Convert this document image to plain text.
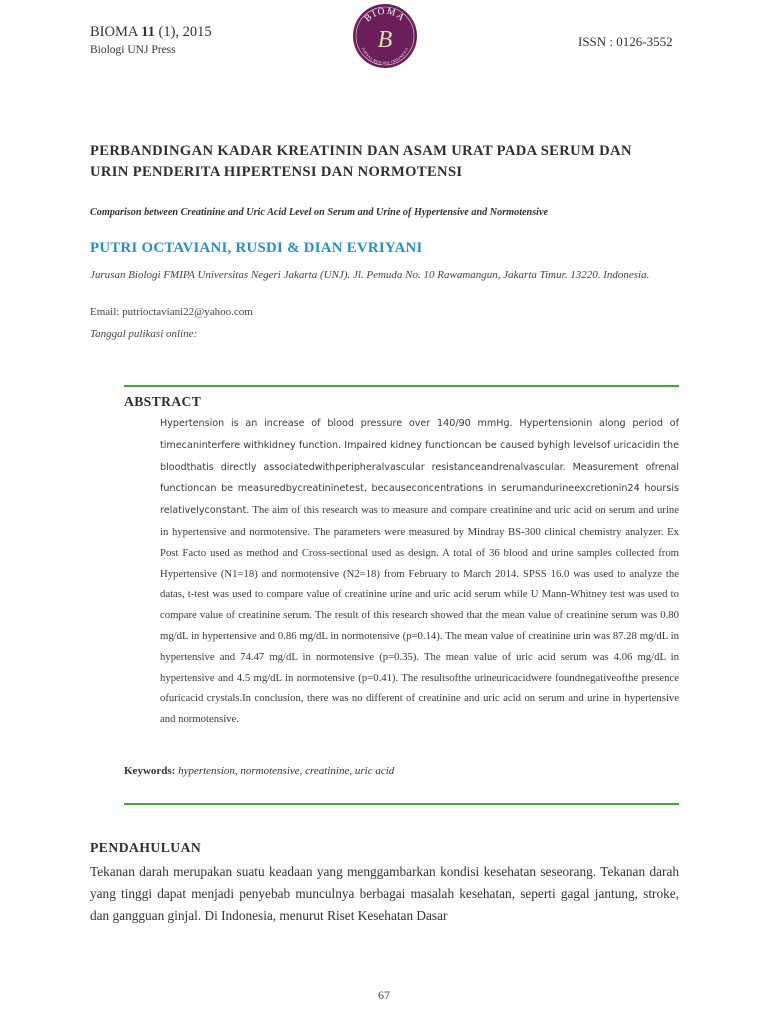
BIOMA 11 (1), 2015
Biologi UNJ Press
BIOMA
JURNAL BIOLOGI INDONESIA
B	ISSN : 0126-3552
PERBANDINGAN KADAR KREATININ DAN ASAM URAT PADA SERUM DAN
URIN PENDERITA HIPERTENSI DAN NORMOTENSI
Comparison between Creatinine and Uric Acid Level on Serum and Urine of Hypertensive and Normotensive
PUTRI OCTAVIANI, RUSDI & DIAN EVRIYANI
Jurusan Biologi FMIPA Universitas Negeri Jakarta (UNJ). Jl. Pemuda No. 10 Rawamangun, Jakarta Timur. 13220. Indonesia.
Email: putrioctaviani22@yahoo.com
Tanggal pulikasi online:
ABSTRACT
Hypertension is an increase of blood pressure over 140/90 mmHg. Hypertensionin along period of timecaninterfere withkidney function. Impaired kidney functioncan be caused byhigh levelsof uricacidin the bloodthatis directly associatedwithperipheralvascular resistanceandrenalvascular. Measurement ofrenal functioncan be measuredbycreatininetest, becauseconcentrations in serumandurineexcretionin24 hoursis relativelyconstant. The aim of this research was to measure and compare creatinine and uric acid on serum and urine in hypertensive and normotensive. The parameters were measured by Mindray BS-300 clinical chemistry analyzer. Ex Post Facto used as method and Cross-sectional used as design. A total of 36 blood and urine samples collected from Hypertensive (N1=18) and normotensive (N2=18) from February to March 2014. SPSS 16.0 was used to analyze the datas, t-test was used to compare value of creatinine urine and uric acid serum while U Mann-Whitney test was used to compare value of creatinine serum. The result of this research showed that the mean value of creatinine serum was 0.80 mg/dL in hypertensive and 0.86 mg/dL in normotensive (p=0.14). The mean value of creatinine urin was 87.28 mg/dL in hypertensive and 74.47 mg/dL in normotensive (p=0.35). The mean value of uric acid serum was 4.06 mg/dL in hypertensive and 4.5 mg/dL in normotensive (p=0.41). The resultsofthe urineuricacidwere foundnegativeofthe presence ofuricacid crystals.In conclusion, there was no different of creatinine and uric acid on serum and urine in hypertensive and normotensive.
Keywords: hypertension, normotensive, creatinine, uric acid
PENDAHULUAN
Tekanan darah merupakan suatu keadaan yang menggambarkan kondisi kesehatan seseorang. Tekanan darah yang tinggi dapat menjadi penyebab munculnya berbagai masalah kesehatan, seperti gagal jantung, stroke, dan gangguan ginjal. Di Indonesia, menurut Riset Kesehatan Dasar
67
